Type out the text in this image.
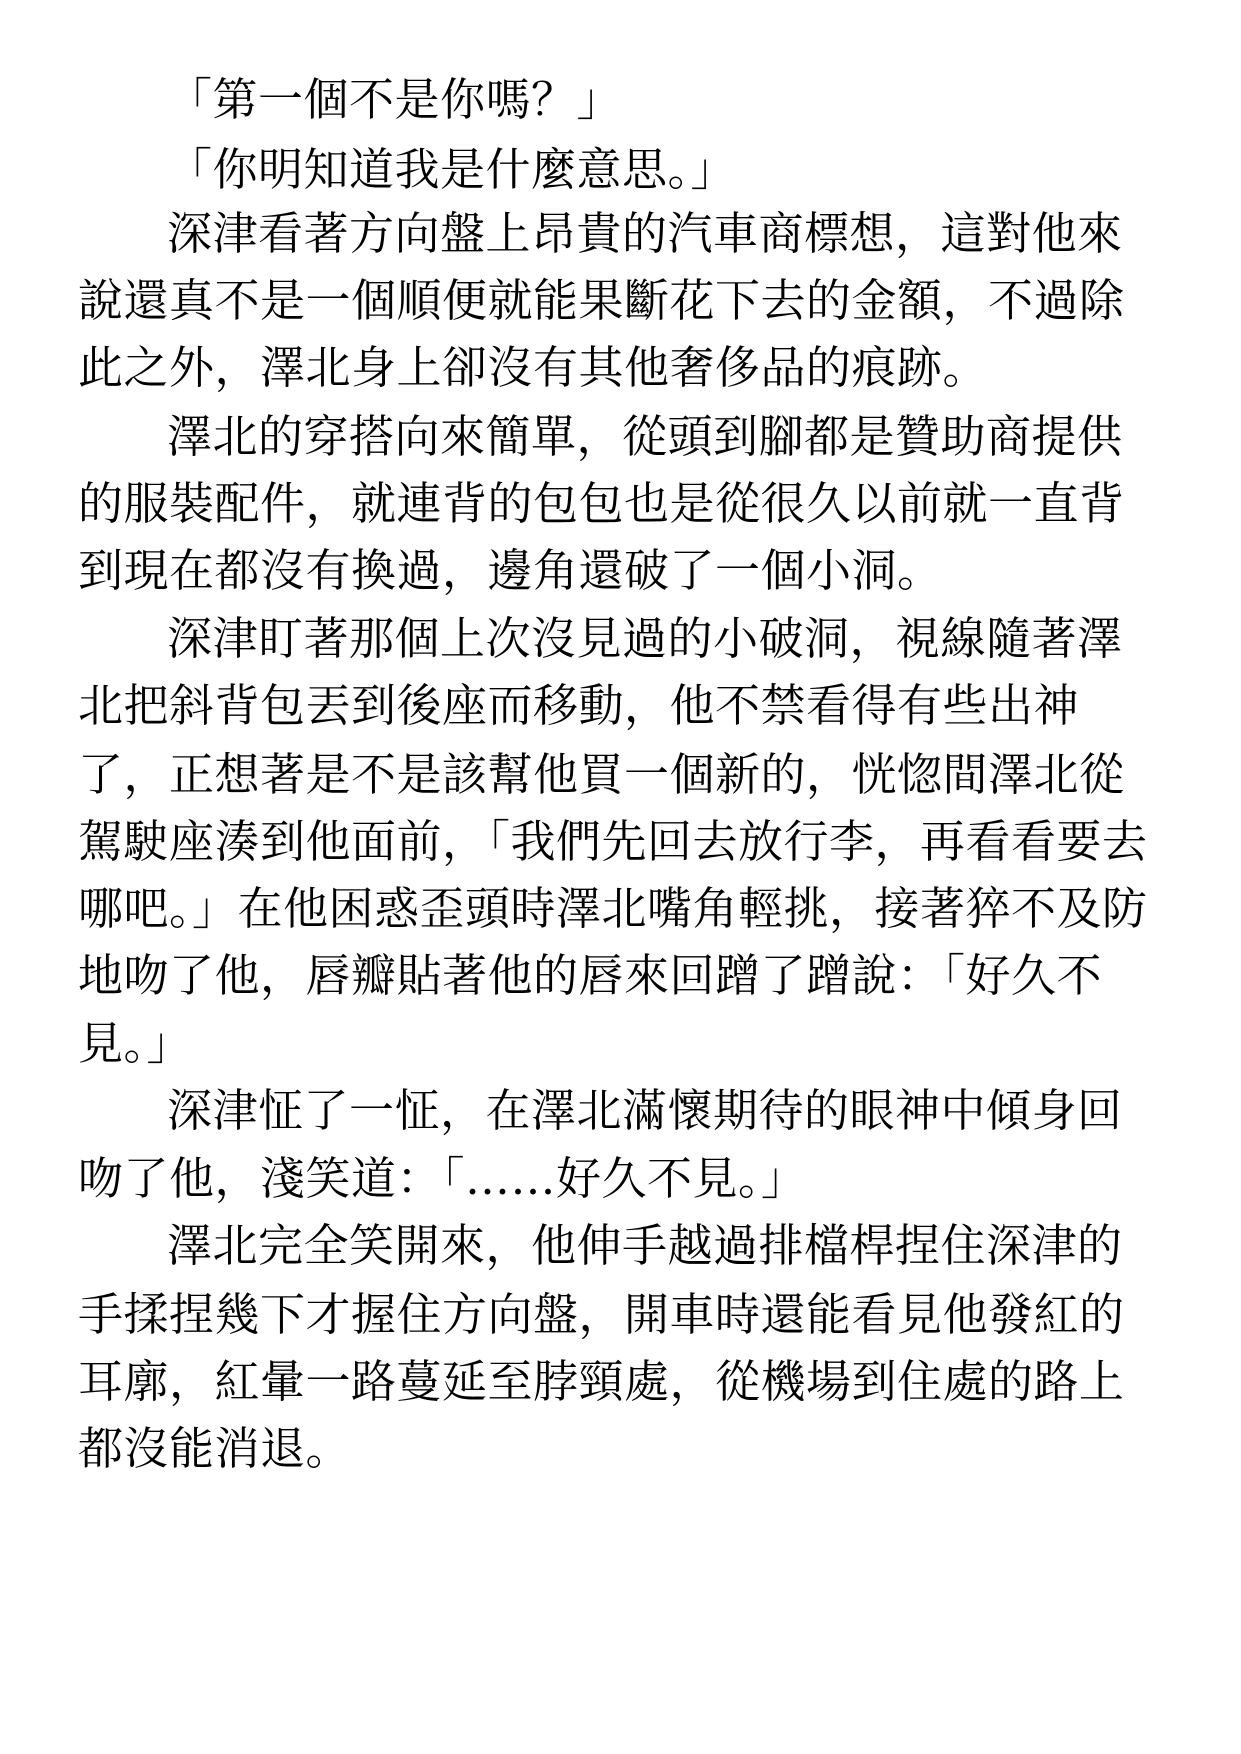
「第一個不是你嗎？」
「你明知道我是什麼意思。」
深津看著方向盤上昂貴的汽車商標想，這對他來
說還真不是一個順便就能果斷花下去的金額，不過除
此之外，澤北身上卻沒有其他奢侈品的痕跡。
澤北的穿搭向來簡單，從頭到腳都是贊助商提供
的服裝配件，就連背的包包也是從很久以前就一直背
到現在都沒有換過，邊角還破了一個小洞。
深津盯著那個上次沒見過的小破洞，視線隨著澤
北把斜背包丟到後座而移動，他不禁看得有些出神
了，正想著是不是該幫他買一個新的，恍惚間澤北從
駕駛座湊到他面前，「我們先回去放行李，再看看要去
哪吧。」在他困惑歪頭時澤北嘴角輕挑，接著猝不及防
地吻了他，唇瓣貼著他的唇來回蹭了蹭說：「好久不
見。」
深津怔了一怔，在澤北滿懷期待的眼神中傾身回
吻了他，淺笑道：「……好久不見。」
澤北完全笑開來，他伸手越過排檔桿捏住深津的
手揉捏幾下才握住方向盤，開車時還能看見他發紅的
耳廓，紅暈一路蔓延至脖頸處，從機場到住處的路上
都沒能消退。
